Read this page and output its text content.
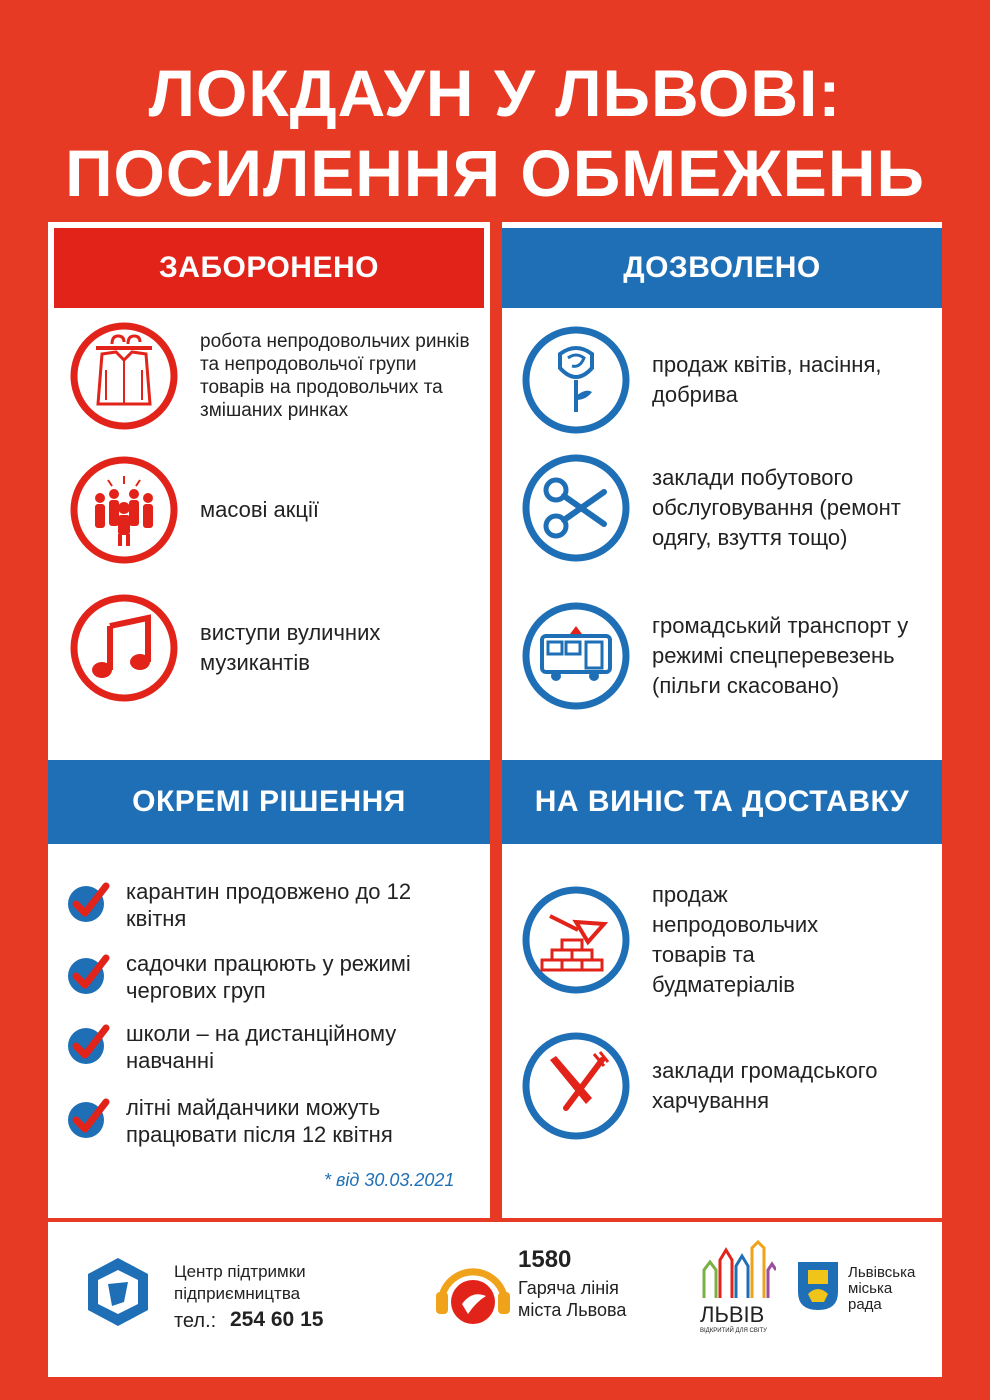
ЛОКДАУН У ЛЬВОВІ:
ПОСИЛЕННЯ ОБМЕЖЕНЬ
ЗАБОРОНЕНО
робота непродовольчих ринків та непродовольчої групи товарів на продовольчих та змішаних ринках
масові акції
виступи вуличних музикантів
ОКРЕМІ РІШЕННЯ
карантин продовжено до 12 квітня
садочки працюють у режимі чергових груп
школи – на дистанційному навчанні
літні майданчики можуть працювати після 12 квітня
* від 30.03.2021
ДОЗВОЛЕНО
продаж квітів, насіння, добрива
заклади побутового обслуговування (ремонт одягу, взуття тощо)
громадський транспорт у режимі спецперевезень (пільги скасовано)
НА ВИНІС ТА ДОСТАВКУ
продаж непродовольчих товарів та будматеріалів
заклади громадського харчування
Центр підтримки
підприємництва
тел.: 254 60 15
1580
Гаряча лінія
міста Львова	ЛЬВІВ
ВІДКРИТИЙ ДЛЯ СВІТУ
Львівська
міська
рада
